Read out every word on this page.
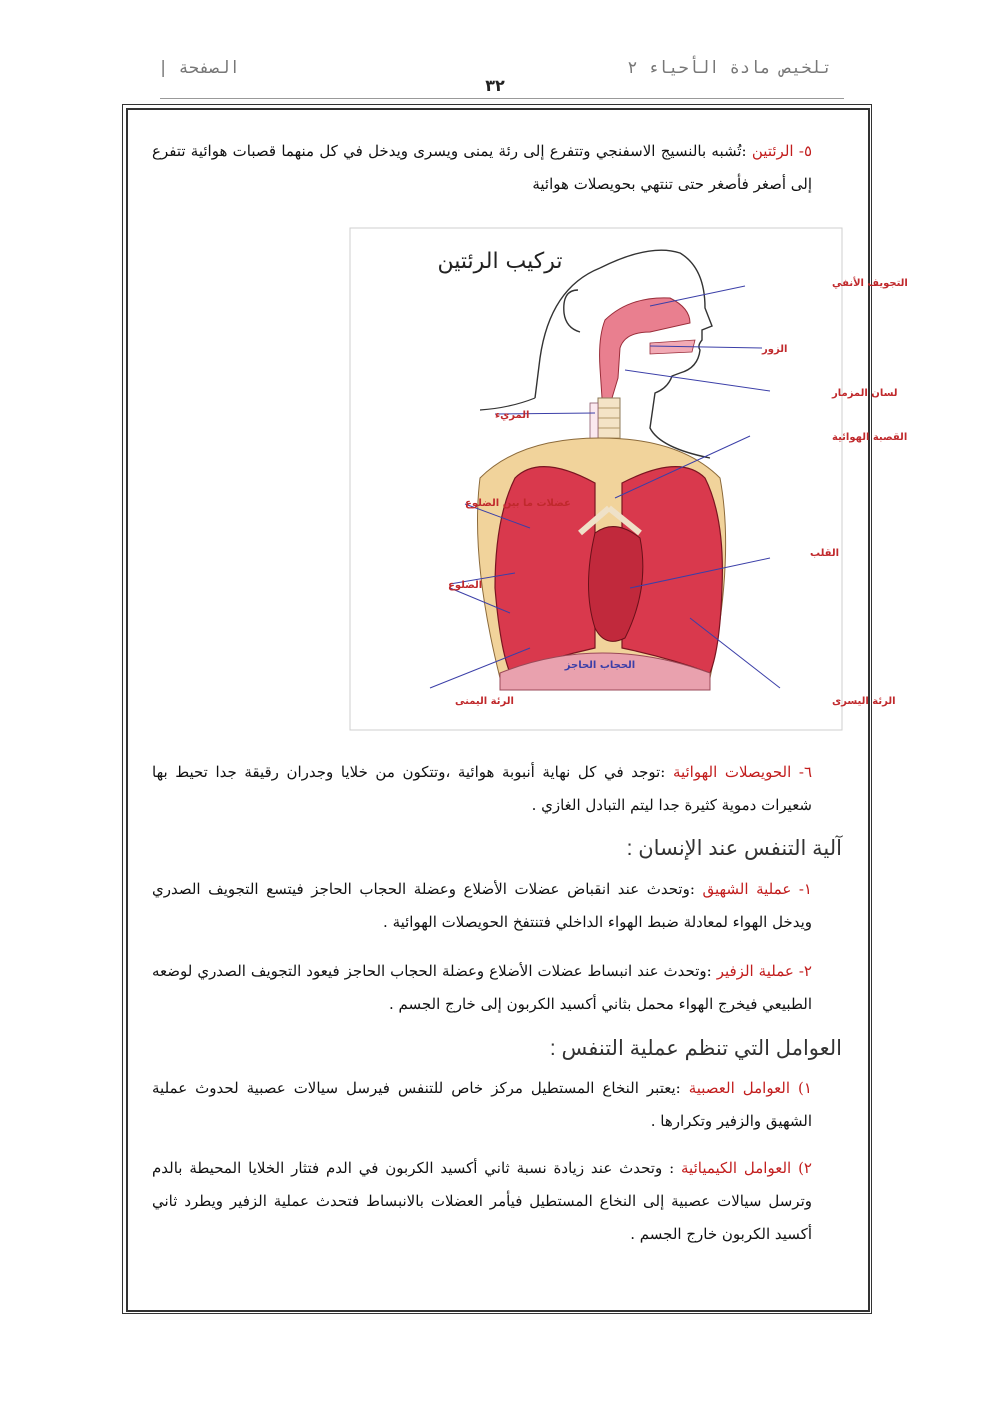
تلخيص مادة الأحياء ٢
الصفحة |
٣٢
٥- الرئتين :تُشبه بالنسيج الاسفنجي وتتفرع إلى رئة يمنى ويسرى ويدخل في كل منهما قصبات هوائية تتفرع إلى أصغر فأصغر حتى تنتهي بحويصلات هوائية
تركيب الرئتين
التجويف الأنفي
الزور
لسان المزمار
القصبة الهوائية
المريء
عضلات ما بين الضلوع
القلب
الضلوع
الحجاب الحاجز
الرئة اليمنى	الرئة اليسرى
٦- الحويصلات الهوائية :توجد في كل نهاية أنبوبة هوائية ،وتتكون من خلايا وجدران رقيقة جدا تحيط بها شعيرات دموية كثيرة جدا ليتم التبادل الغازي .
آلية التنفس عند الإنسان :
١- عملية الشهيق :وتحدث عند انقباض عضلات الأضلاع وعضلة الحجاب الحاجز فيتسع التجويف الصدري ويدخل الهواء لمعادلة ضبط الهواء الداخلي فتنتفخ الحويصلات الهوائية .
٢- عملية الزفير :وتحدث عند انبساط عضلات الأضلاع وعضلة الحجاب الحاجز فيعود التجويف الصدري لوضعه الطبيعي فيخرج الهواء محمل بثاني أكسيد الكربون إلى خارج الجسم .
العوامل التي تنظم عملية التنفس :
١) العوامل العصبية :يعتبر النخاع المستطيل مركز خاص للتنفس فيرسل سيالات عصبية لحدوث عملية الشهيق والزفير وتكرارها .
٢) العوامل الكيميائية : وتحدث عند زيادة نسبة ثاني أكسيد الكربون في الدم فتثار الخلايا المحيطة بالدم وترسل سيالات عصبية إلى النخاع المستطيل فيأمر العضلات بالانبساط فتحدث عملية الزفير ويطرد ثاني أكسيد الكربون خارج الجسم .
